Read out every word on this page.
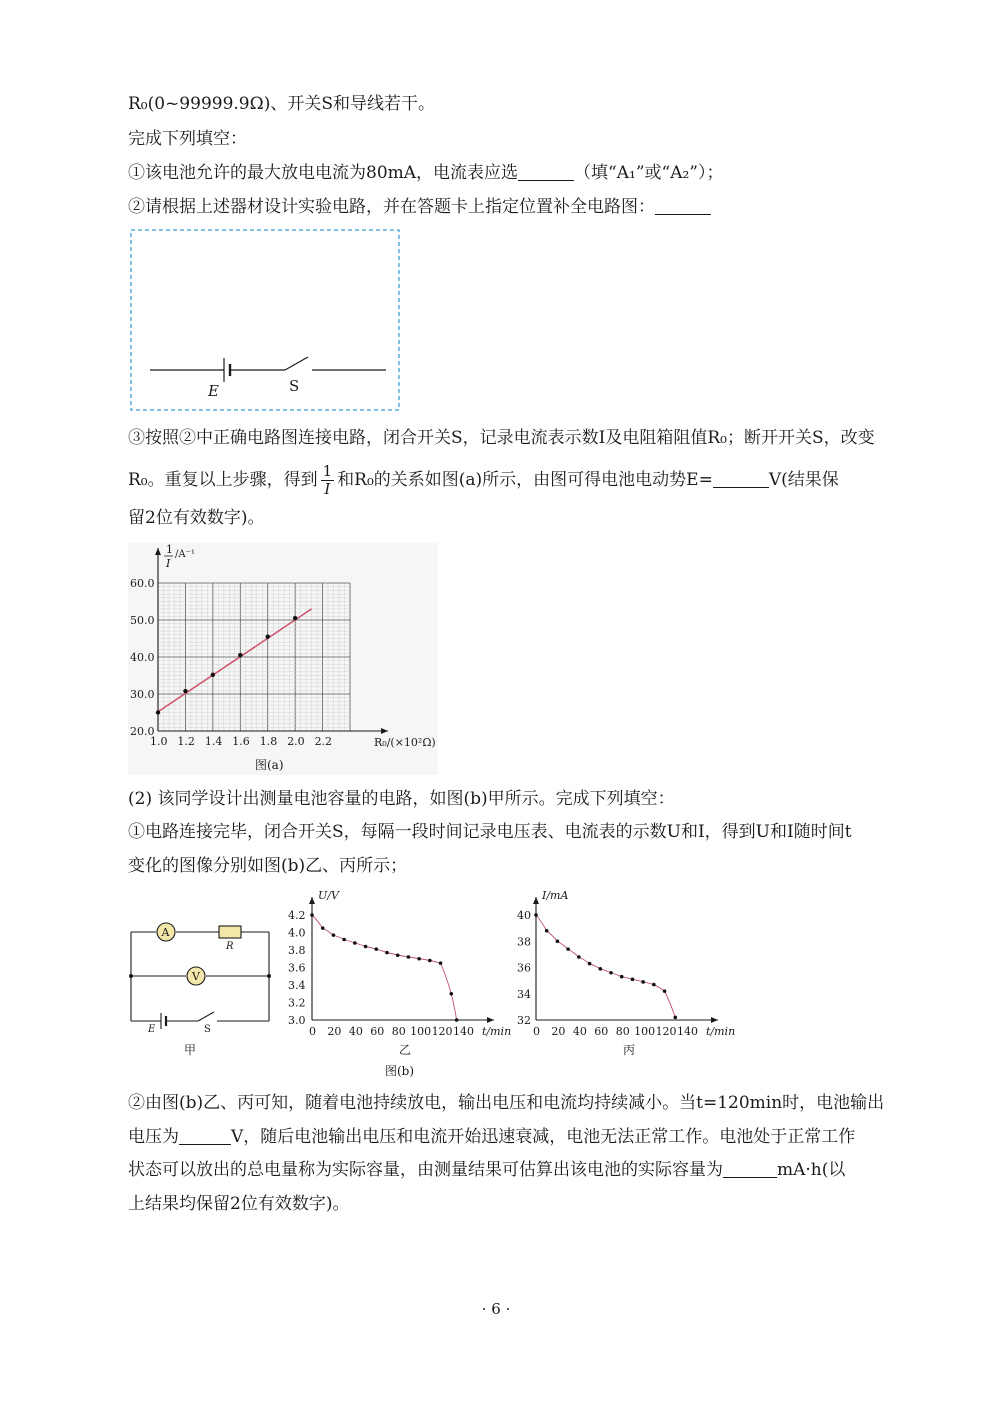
R₀(0~99999.9Ω)、开关S和导线若干。
完成下列填空：
①该电池允许的最大放电电流为80mA，电流表应选	（填“A₁”或“A₂”）；
②请根据上述器材设计实验电路，并在答题卡上指定位置补全电路图：
E	S
③按照②中正确电路图连接电路，闭合开关S，记录电流表示数I及电阻箱阻值R₀；断开开关S，改变
R₀。重复以上步骤，得到 $\frac{1}{I}$ 和R₀的关系如图(a)所示，由图可得电池电动势E=	V(结果保
留2位有效数字)。
1.0 1.2 1.4 1.6 1.8 2.0 2.2
20.0
30.0
40.0
50.0
60.0
1
I
/A⁻¹
R₀/(×10²Ω)
图(a)
(2) 该同学设计出测量电池容量的电路，如图(b)甲所示。完成下列填空：
①电路连接完毕，闭合开关S，每隔一段时间记录电压表、电流表的示数U和I，得到U和I随时间t
变化的图像分别如图(b)乙、丙所示；
A
V
R
E	S
甲
0 20 40 60 80 100 120 140
3.0
3.2
3.4
3.6
3.8
4.0
4.2
U/V
t/min
乙
0 20 40 60 80 100 120 140
32
34
36
38
40
I/mA
t/min
丙
图(b)
②由图(b)乙、丙可知，随着电池持续放电，输出电压和电流均持续减小。当t=120min时，电池输出
电压为	V，随后电池输出电压和电流开始迅速衰减，电池无法正常工作。电池处于正常工作
状态可以放出的总电量称为实际容量，由测量结果可估算出该电池的实际容量为	mA·h(以
上结果均保留2位有效数字)。
· 6 ·
